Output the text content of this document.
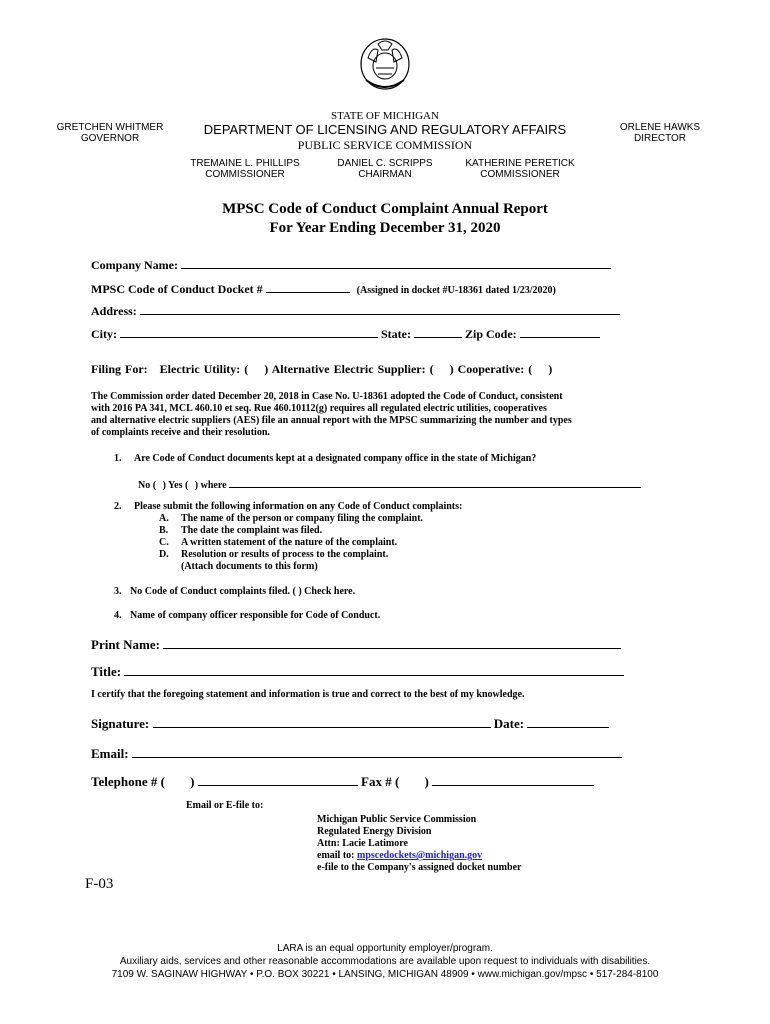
STATE OF MICHIGAN
DEPARTMENT OF LICENSING AND REGULATORY AFFAIRS
PUBLIC SERVICE COMMISSION
GRETCHEN WHITMER
GOVERNOR
ORLENE HAWKS
DIRECTOR
TREMAINE L. PHILLIPS
COMMISSIONER
DANIEL C. SCRIPPS
CHAIRMAN
KATHERINE PERETICK
COMMISSIONER
MPSC Code of Conduct Complaint Annual Report
For Year Ending December 31, 2020
Company Name:
MPSC Code of Conduct Docket #	(Assigned in docket #U-18361 dated 1/23/2020)
Address:
City:	State:	Zip Code:
Filing For: Electric Utility: ( ) Alternative Electric Supplier: ( ) Cooperative: ( )
The Commission order dated December 20, 2018 in Case No. U-18361 adopted the Code of Conduct, consistent
with 2016 PA 341, MCL 460.10 et seq. Rue 460.10112(g) requires all regulated electric utilities, cooperatives
and alternative electric suppliers (AES) file an annual report with the MPSC summarizing the number and types
of complaints receive and their resolution.
1. Are Code of Conduct documents kept at a designated company office in the state of Michigan?
No ( ) Yes ( ) where
2. Please submit the following information on any Code of Conduct complaints:
A. The name of the person or company filing the complaint.
B. The date the complaint was filed.
C. A written statement of the nature of the complaint.
D. Resolution or results of process to the complaint.
(Attach documents to this form)
3. No Code of Conduct complaints filed. ( ) Check here.
4. Name of company officer responsible for Code of Conduct.
Print Name:
Title:
I certify that the foregoing statement and information is true and correct to the best of my knowledge.
Signature:	Date:
Email:
Telephone # ( )	Fax # ( )
Email or E-file to:
Michigan Public Service Commission
Regulated Energy Division
Attn: Lacie Latimore
email to: mpscedockets@michigan.gov
e-file to the Company's assigned docket number
F-03
LARA is an equal opportunity employer/program.
Auxiliary aids, services and other reasonable accommodations are available upon request to individuals with disabilities.
7109 W. SAGINAW HIGHWAY • P.O. BOX 30221 • LANSING, MICHIGAN 48909 • www.michigan.gov/mpsc • 517-284-8100
